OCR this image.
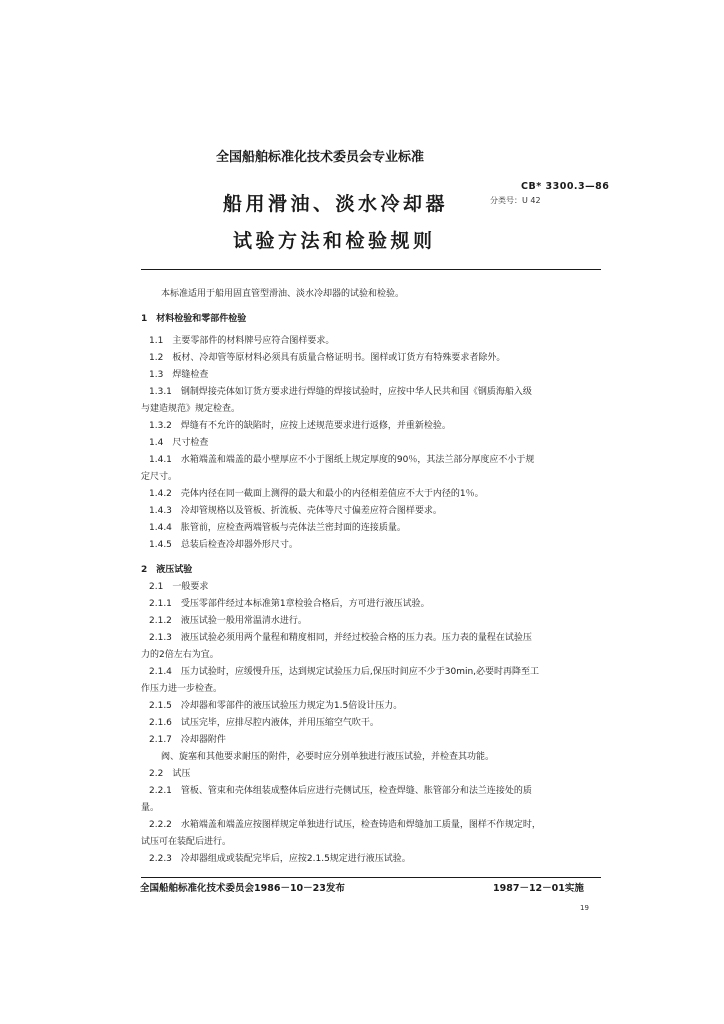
全国船舶标准化技术委员会专业标准
CB* 3300.3—86
分类号：U 42
船用滑油、淡水冷却器
试验方法和检验规则
本标准适用于船用固直管型滑油、淡水冷却器的试验和检验。
1　材料检验和零部件检验
1.1　主要零部件的材料牌号应符合图样要求。
1.2　板材、冷却管等原材料必须具有质量合格证明书。图样或订货方有特殊要求者除外。
1.3　焊缝检查
1.3.1　钢制焊接壳体如订货方要求进行焊缝的焊接试验时，应按中华人民共和国《钢质海船入级
与建造规范》规定检查。
1.3.2　焊缝有不允许的缺陷时，应按上述规范要求进行返修，并重新检验。
1.4　尺寸检查
1.4.1　水箱端盖和端盖的最小壁厚应不小于图纸上规定厚度的90％，其法兰部分厚度应不小于规
定尺寸。
1.4.2　壳体内径在同一截面上测得的最大和最小的内径相差值应不大于内径的1％。
1.4.3　冷却管规格以及管板、折流板、壳体等尺寸偏差应符合图样要求。
1.4.4　胀管前，应检查两端管板与壳体法兰密封面的连接质量。
1.4.5　总装后检查冷却器外形尺寸。
2　液压试验
2.1　一般要求
2.1.1　受压零部件经过本标准第1章检验合格后，方可进行液压试验。
2.1.2　液压试验一般用常温清水进行。
2.1.3　液压试验必须用两个量程和精度相同，并经过校验合格的压力表。压力表的量程在试验压
力的2倍左右为宜。
2.1.4　压力试验时，应缓慢升压，达到规定试验压力后,保压时间应不少于30min,必要时再降至工
作压力进一步检查。
2.1.5　冷却器和零部件的液压试验压力规定为1.5倍设计压力。
2.1.6　试压完毕，应排尽腔内液体，并用压缩空气吹干。
2.1.7　冷却器附件
阀、旋塞和其他要求耐压的附件，必要时应分别单独进行液压试验，并检查其功能。
2.2　试压
2.2.1　管板、管束和壳体组装成整体后应进行壳侧试压，检查焊缝、胀管部分和法兰连接处的质
量。
2.2.2　水箱端盖和端盖应按图样规定单独进行试压，检查铸造和焊缝加工质量，图样不作规定时，
试压可在装配后进行。
2.2.3　冷却器组成或装配完毕后，应按2.1.5规定进行液压试验。
全国船舶标准化技术委员会1986－10－23发布	1987－12－01实施
19
